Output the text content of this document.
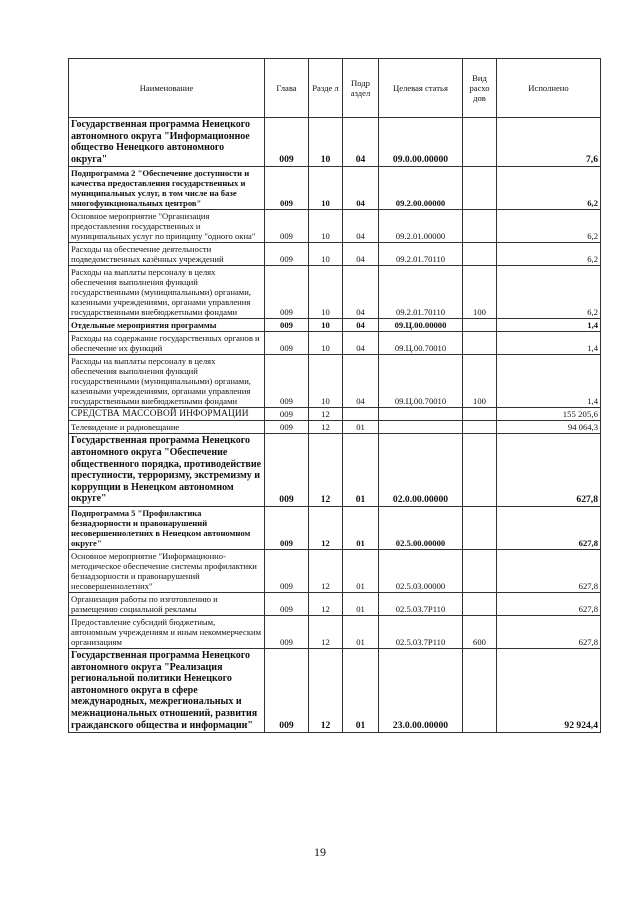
Наименование	Глава	Разде л	Подр аздел	Целевая статья	Вид расхо дов	Исполнено
Государственная программа Ненецкого автономного округа "Информационное общество Ненецкого автономного округа"	009	10	04	09.0.00.00000		7,6
Подпрограмма 2 "Обеспечение доступности и качества предоставления государственных и муниципальных услуг, в том числе на базе многофункциональных центров"	009	10	04	09.2.00.00000		6,2
Основное мероприятие "Организация предоставления государственных и муниципальных услуг по принципу "одного окна"	009	10	04	09.2.01.00000		6,2
Расходы на обеспечение деятельности подведомственных казённых учреждений	009	10	04	09.2.01.70110		6,2
Расходы на выплаты персоналу в целях обеспечения выполнения функций государственными (муниципальными) органами, казенными учреждениями, органами управления государственными внебюджетными фондами	009	10	04	09.2.01.70110	100	6,2
Отдельные мероприятия программы	009	10	04	09.Ц.00.00000		1,4
Расходы на содержание государственных органов и обеспечение их функций	009	10	04	09.Ц.00.70010		1,4
Расходы на выплаты персоналу в целях обеспечения выполнения функций государственными (муниципальными) органами, казенными учреждениями, органами управления государственными внебюджетными фондами	009	10	04	09.Ц.00.70010	100	1,4
СРЕДСТВА МАССОВОЙ ИНФОРМАЦИИ	009	12				155 205,6
Телевидение и радиовещание	009	12	01			94 064,3
Государственная программа Ненецкого автономного округа "Обеспечение общественного порядка, противодействие преступности, терроризму, экстремизму и коррупции в Ненецком автономном округе"	009	12	01	02.0.00.00000		627,8
Подпрограмма 5 "Профилактика безнадзорности и правонарушений несовершеннолетних в Ненецком автономном округе"	009	12	01	02.5.00.00000		627,8
Основное мероприятие "Информационно-методическое обеспечение системы профилактики безнадзорности и правонарушений несовершеннолетних"	009	12	01	02.5.03.00000		627,8
Организация работы по изготовлению и размещению социальной рекламы	009	12	01	02.5.03.7Р110		627,8
Предоставление субсидий бюджетным, автономным учреждениям и иным некоммерческим организациям	009	12	01	02.5.03.7Р110	600	627,8
Государственная программа Ненецкого автономного округа "Реализация региональной политики Ненецкого автономного округа в сфере международных, межрегиональных и межнациональных отношений, развития гражданского общества и информации"	009	12	01	23.0.00.00000		92 924,4
19
